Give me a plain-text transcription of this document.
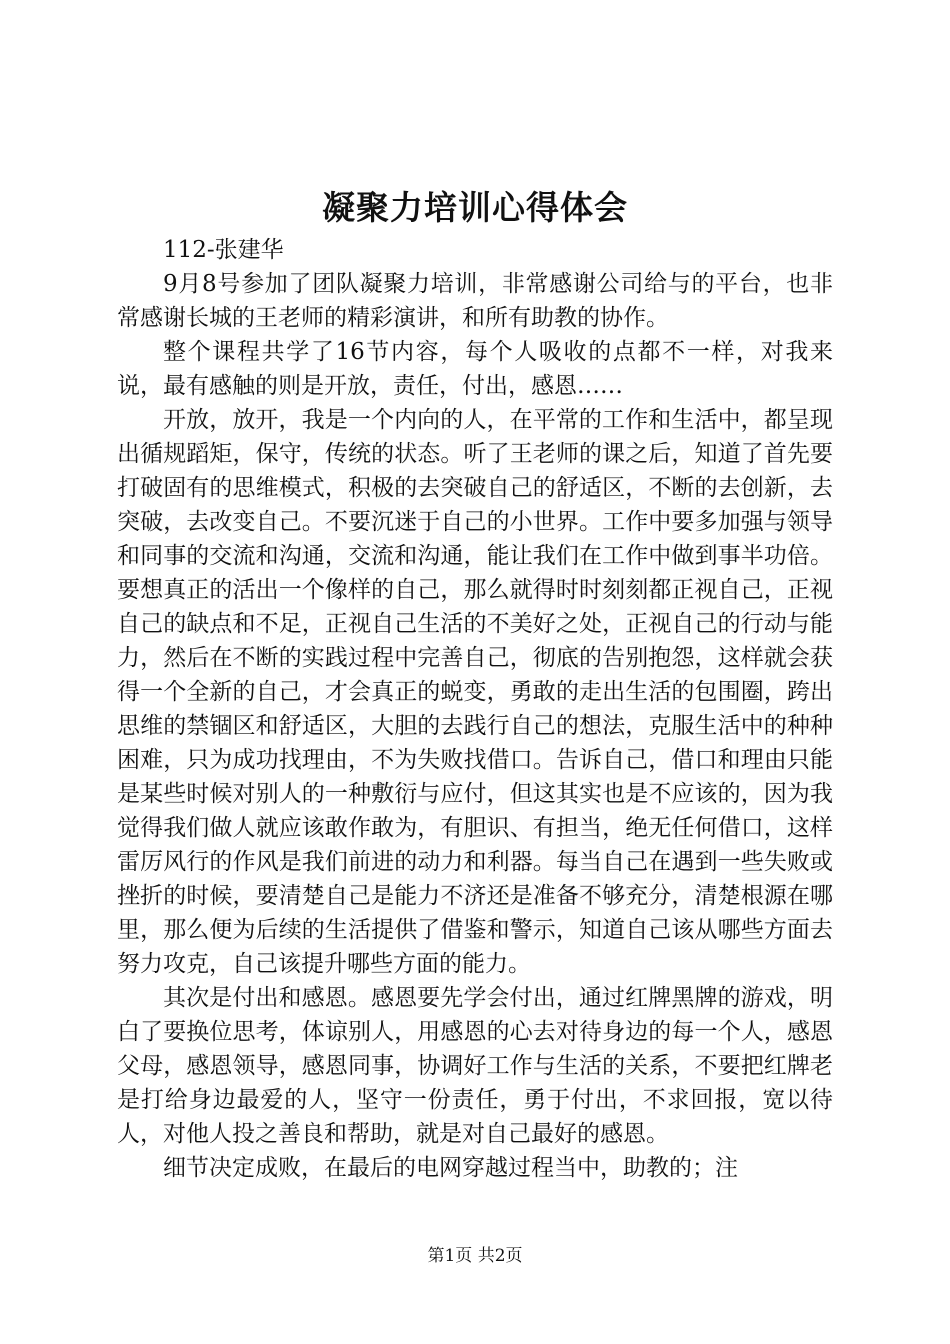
凝聚力培训心得体会

112-张建华

9月8号参加了团队凝聚力培训，非常感谢公司给与的平台，也非常感谢长城的王老师的精彩演讲，和所有助教的协作。

整个课程共学了16节内容，每个人吸收的点都不一样，对我来说，最有感触的则是开放，责任，付出，感恩……

开放，放开，我是一个内向的人，在平常的工作和生活中，都呈现出循规蹈矩，保守，传统的状态。听了王老师的课之后，知道了首先要打破固有的思维模式，积极的去突破自己的舒适区，不断的去创新，去突破，去改变自己。不要沉迷于自己的小世界。工作中要多加强与领导和同事的交流和沟通，交流和沟通，能让我们在工作中做到事半功倍。要想真正的活出一个像样的自己，那么就得时时刻刻都正视自己，正视自己的缺点和不足，正视自己生活的不美好之处，正视自己的行动与能力，然后在不断的实践过程中完善自己，彻底的告别抱怨，这样就会获得一个全新的自己，才会真正的蜕变，勇敢的走出生活的包围圈，跨出思维的禁锢区和舒适区，大胆的去践行自己的想法，克服生活中的种种困难，只为成功找理由，不为失败找借口。告诉自己，借口和理由只能是某些时候对别人的一种敷衍与应付，但这其实也是不应该的，因为我觉得我们做人就应该敢作敢为，有胆识、有担当，绝无任何借口，这样雷厉风行的作风是我们前进的动力和利器。每当自己在遇到一些失败或挫折的时候，要清楚自己是能力不济还是准备不够充分，清楚根源在哪里，那么便为后续的生活提供了借鉴和警示，知道自己该从哪些方面去努力攻克，自己该提升哪些方面的能力。

其次是付出和感恩。感恩要先学会付出，通过红牌黑牌的游戏，明白了要换位思考，体谅别人，用感恩的心去对待身边的每一个人，感恩父母，感恩领导，感恩同事，协调好工作与生活的关系，不要把红牌老是打给身边最爱的人，坚守一份责任，勇于付出，不求回报，宽以待人，对他人投之善良和帮助，就是对自己最好的感恩。

细节决定成败，在最后的电网穿越过程当中，助教的；注

第1页 共2页
